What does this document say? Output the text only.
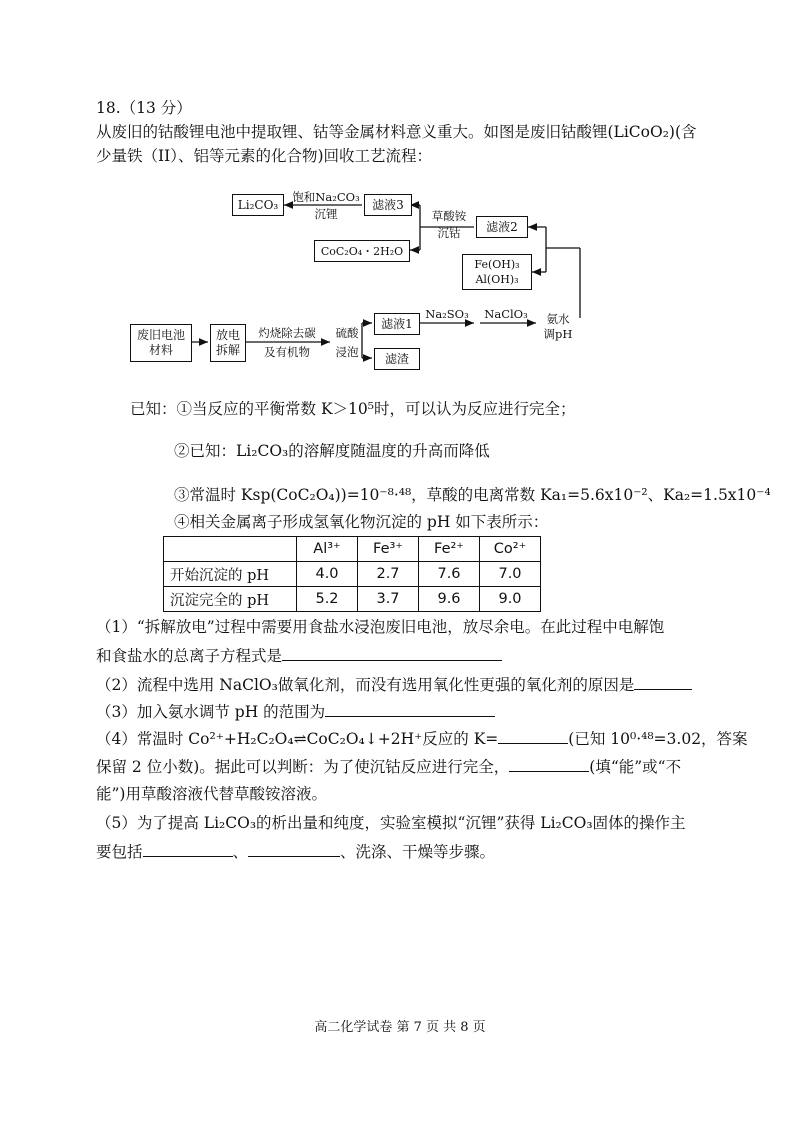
18.（13 分）
从废旧的钴酸锂电池中提取锂、钴等金属材料意义重大。如图是废旧钴酸锂(LiCoO₂)(含
少量铁（II）、铝等元素的化合物)回收工艺流程：
Li₂CO₃
饱和Na₂CO₃
沉锂
滤液3
草酸铵
沉钴	滤液2
CoC₂O₄・2H₂O
Fe(OH)₃
Al(OH)₃
废旧电池材料
放电拆解
灼烧除去碳
及有机物
硫酸
浸泡
滤液1
滤渣
Na₂SO₃	NaClO₃	氨水
调pH
已知：①当反应的平衡常数 K＞10⁵时，可以认为反应进行完全；
②已知：Li₂CO₃的溶解度随温度的升高而降低
③常温时 Ksp(CoC₂O₄))=10⁻⁸·⁴⁸，草酸的电离常数 Ka₁=5.6x10⁻²、Ka₂=1.5x10⁻⁴
④相关金属离子形成氢氧化物沉淀的 pH 如下表所示：
	Al³⁺	Fe³⁺	Fe²⁺	Co²⁺
开始沉淀的 pH	4.0	2.7	7.6	7.0
沉淀完全的 pH	5.2	3.7	9.6	9.0
（1）“拆解放电”过程中需要用食盐水浸泡废旧电池，放尽余电。在此过程中电解饱
和食盐水的总离子方程式是
（2）流程中选用 NaClO₃做氧化剂，而没有选用氧化性更强的氧化剂的原因是
（3）加入氨水调节 pH 的范围为
（4）常温时 Co²⁺+H₂C₂O₄⇌CoC₂O₄↓+2H⁺反应的 K=	(已知 10⁰·⁴⁸=3.02，答案
保留 2 位小数)。据此可以判断：为了使沉钴反应进行完全，	(填“能”或“不
能”)用草酸溶液代替草酸铵溶液。
（5）为了提高 Li₂CO₃的析出量和纯度，实验室模拟“沉锂”获得 Li₂CO₃固体的操作主
要包括	、	、洗涤、干燥等步骤。
高二化学试卷 第 7 页 共 8 页
